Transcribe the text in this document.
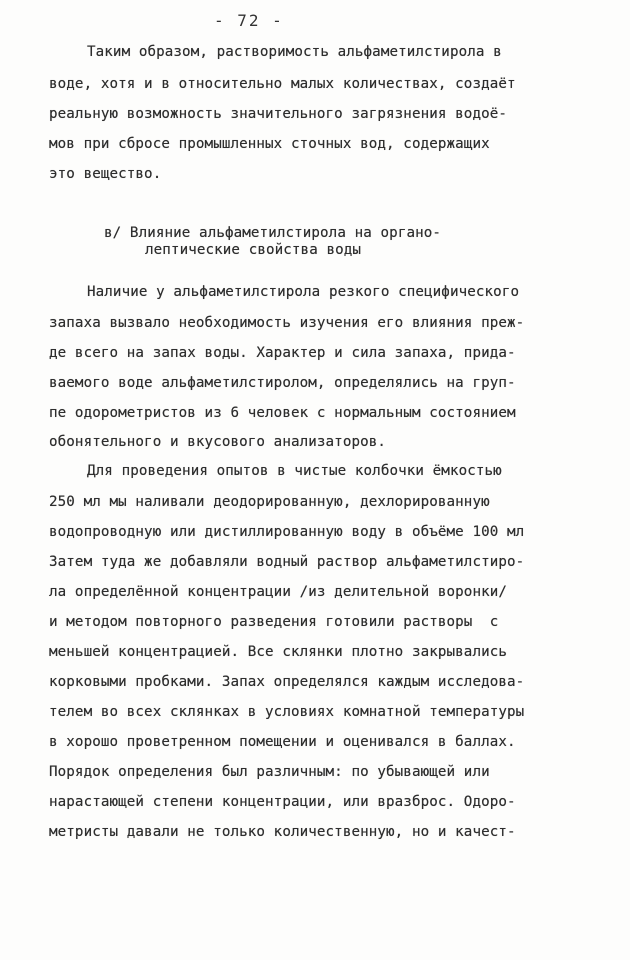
- 72 -
Таким образом, растворимость альфаметилстирола в
воде, хотя и в относительно малых количествах, создаёт
реальную возможность значительного загрязнения водоё-
мов при сбросе промышленных сточных вод, содержащих
это вещество.
в/ Влияние альфаметилстирола на органо-
лептические свойства воды
Наличие у альфаметилстирола резкого специфического
запаха вызвало необходимость изучения его влияния преж-
де всего на запах воды. Характер и сила запаха, прида-
ваемого воде альфаметилстиролом, определялись на груп-
пе одорометристов из 6 человек с нормальным состоянием
обонятельного и вкусового анализаторов.
Для проведения опытов в чистые колбочки ёмкостью
250 мл мы наливали деодорированную, дехлорированную
водопроводную или дистиллированную воду в объёме 100 мл
Затем туда же добавляли водный раствор альфаметилстиро-
ла определённой концентрации /из делительной воронки/
и методом повторного разведения готовили растворы  с
меньшей концентрацией. Все склянки плотно закрывались
корковыми пробками. Запах определялся каждым исследова-
телем во всех склянках в условиях комнатной температуры
в хорошо проветренном помещении и оценивался в баллах.
Порядок определения был различным: по убывающей или
нарастающей степени концентрации, или вразброс. Одоро-
метристы давали не только количественную, но и качест-
